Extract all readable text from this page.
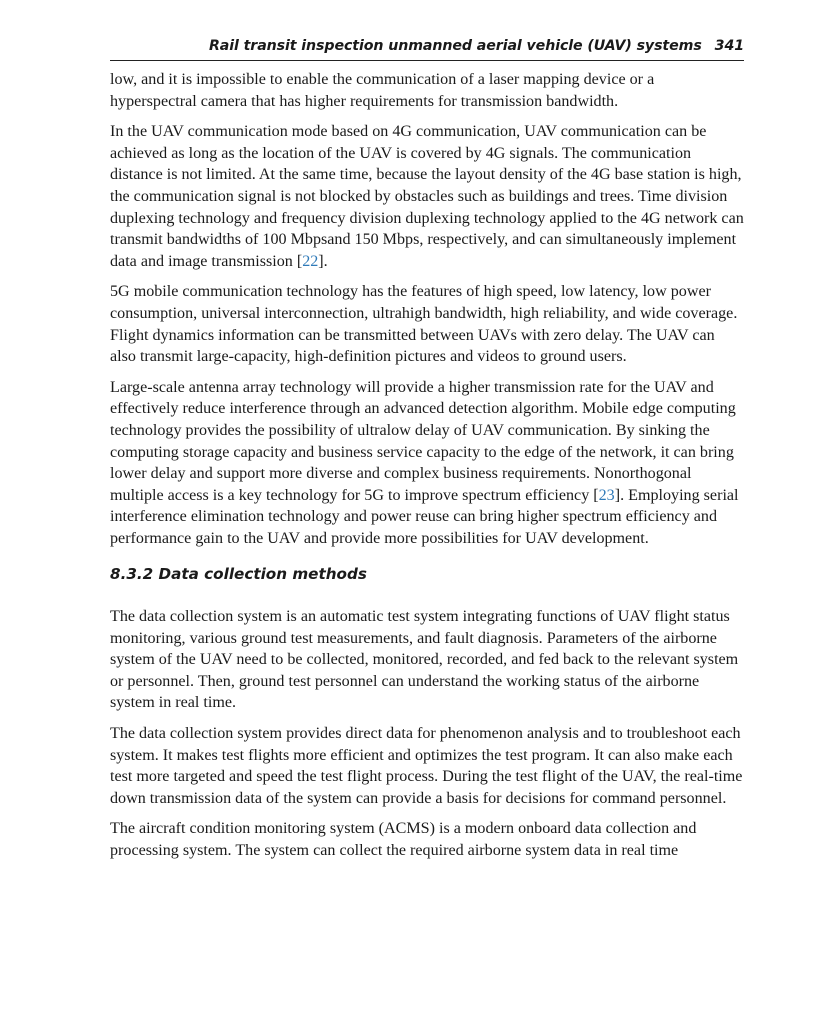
Rail transit inspection unmanned aerial vehicle (UAV) systems 341

low, and it is impossible to enable the communication of a laser mapping device or a hyperspectral camera that has higher requirements for transmission bandwidth.

In the UAV communication mode based on 4G communication, UAV communication can be achieved as long as the location of the UAV is covered by 4G signals. The communication distance is not limited. At the same time, because the layout density of the 4G base station is high, the communication signal is not blocked by obstacles such as buildings and trees. Time division duplexing technology and frequency division duplexing technology applied to the 4G network can transmit bandwidths of 100 Mbpsand 150 Mbps, respectively, and can simultaneously implement data and image transmission [22].

5G mobile communication technology has the features of high speed, low latency, low power consumption, universal interconnection, ultrahigh bandwidth, high reliability, and wide coverage. Flight dynamics information can be transmitted between UAVs with zero delay. The UAV can also transmit large-capacity, high-definition pictures and videos to ground users.

Large-scale antenna array technology will provide a higher transmission rate for the UAV and effectively reduce interference through an advanced detection algorithm. Mobile edge computing technology provides the possibility of ultralow delay of UAV communication. By sinking the computing storage capacity and business service capacity to the edge of the network, it can bring lower delay and support more diverse and complex business requirements. Nonorthogonal multiple access is a key technology for 5G to improve spectrum efficiency [23]. Employing serial interference elimination technology and power reuse can bring higher spectrum efficiency and performance gain to the UAV and provide more possibilities for UAV development.

8.3.2 Data collection methods

The data collection system is an automatic test system integrating functions of UAV flight status monitoring, various ground test measurements, and fault diagnosis. Parameters of the airborne system of the UAV need to be collected, monitored, recorded, and fed back to the relevant system or personnel. Then, ground test personnel can understand the working status of the airborne system in real time.

The data collection system provides direct data for phenomenon analysis and to troubleshoot each system. It makes test flights more efficient and optimizes the test program. It can also make each test more targeted and speed the test flight process. During the test flight of the UAV, the real-time down transmission data of the system can provide a basis for decisions for command personnel.

The aircraft condition monitoring system (ACMS) is a modern onboard data collection and processing system. The system can collect the required airborne system data in real time
